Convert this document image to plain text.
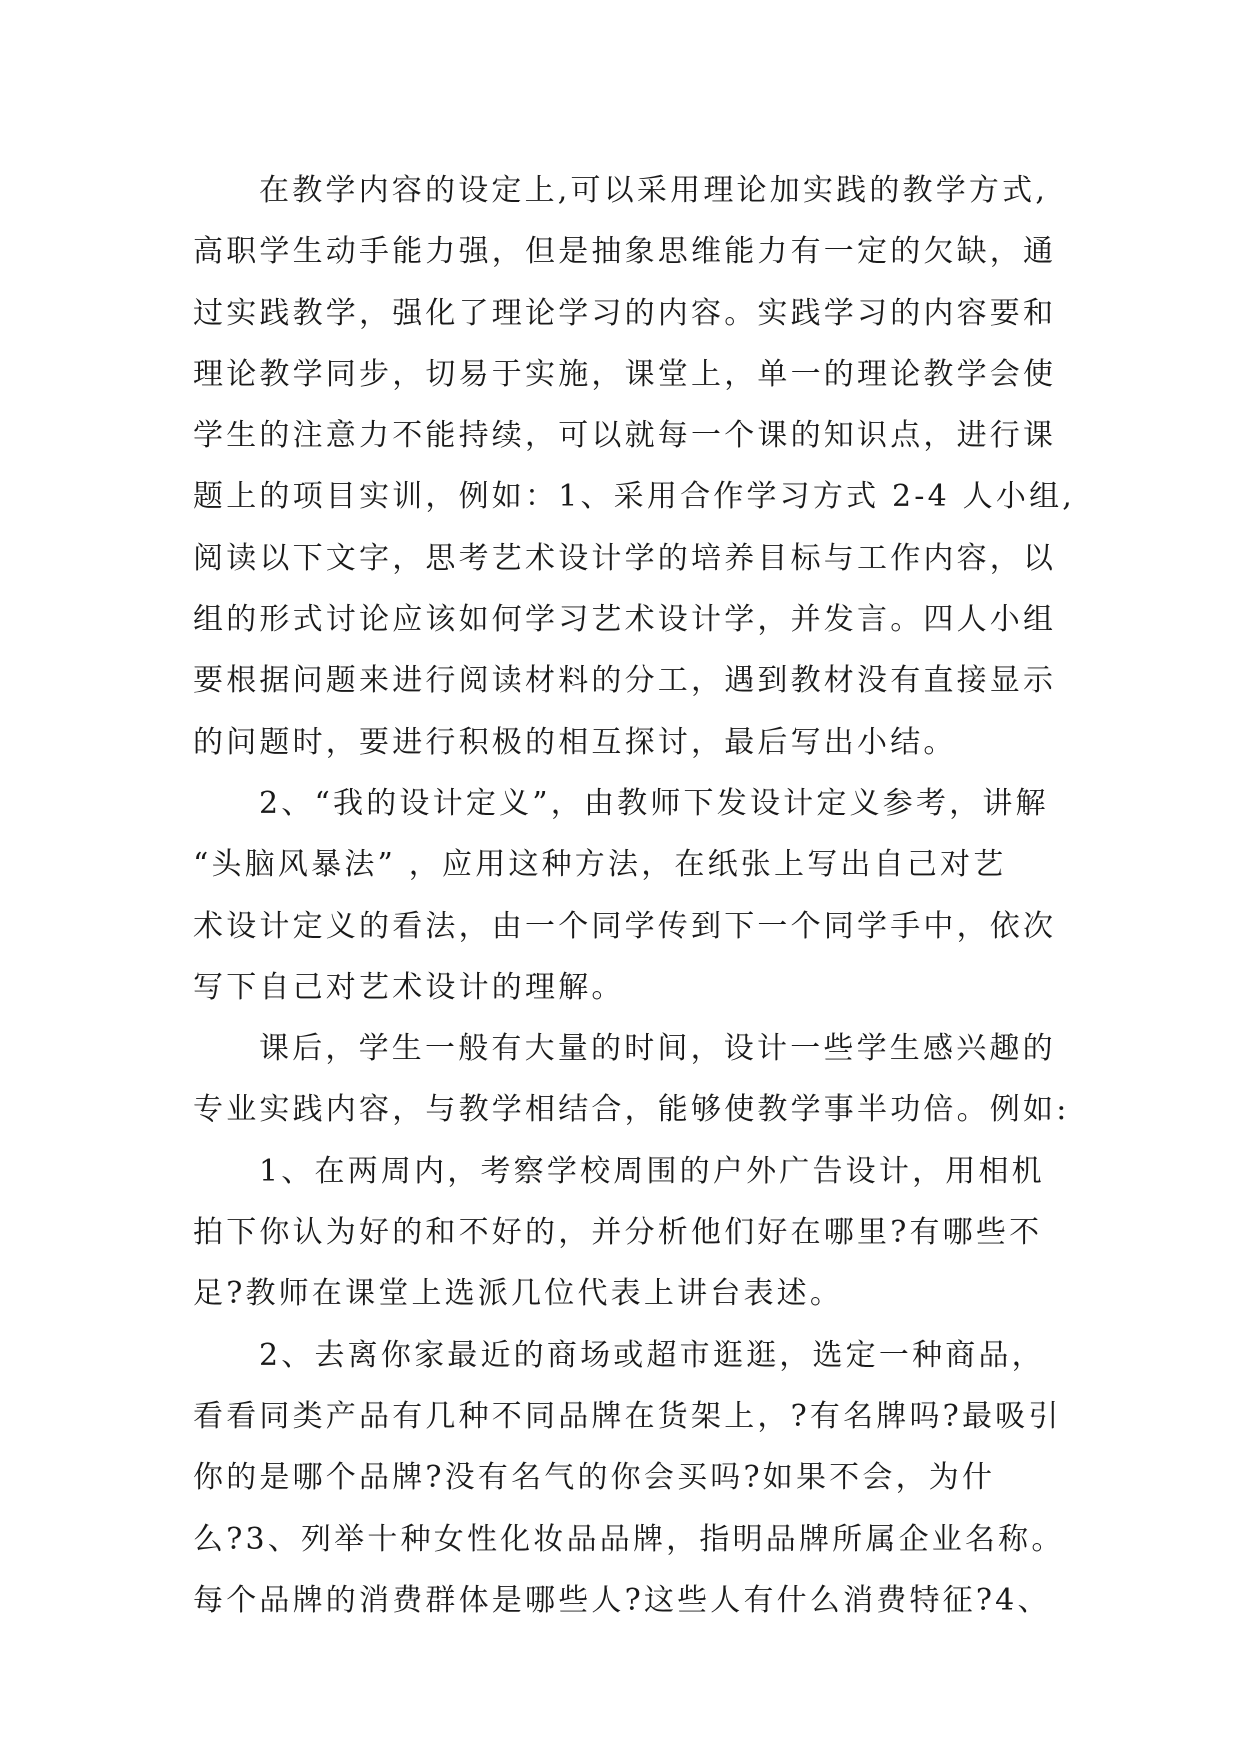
在教学内容的设定上,可以采用理论加实践的教学方式,
高职学生动手能力强，但是抽象思维能力有一定的欠缺，通
过实践教学，强化了理论学习的内容。实践学习的内容要和
理论教学同步，切易于实施，课堂上，单一的理论教学会使
学生的注意力不能持续，可以就每一个课的知识点，进行课
题上的项目实训，例如：1、采用合作学习方式 2-4 人小组,
阅读以下文字，思考艺术设计学的培养目标与工作内容，以
组的形式讨论应该如何学习艺术设计学，并发言。四人小组
要根据问题来进行阅读材料的分工，遇到教材没有直接显示
的问题时，要进行积极的相互探讨，最后写出小结。
2、“我的设计定义”，由教师下发设计定义参考，讲解
“头脑风暴法” ，应用这种方法，在纸张上写出自己对艺
术设计定义的看法，由一个同学传到下一个同学手中，依次
写下自己对艺术设计的理解。
课后，学生一般有大量的时间，设计一些学生感兴趣的
专业实践内容，与教学相结合，能够使教学事半功倍。例如:
1、在两周内，考察学校周围的户外广告设计，用相机
拍下你认为好的和不好的，并分析他们好在哪里?有哪些不
足?教师在课堂上选派几位代表上讲台表述。
2、去离你家最近的商场或超市逛逛，选定一种商品，
看看同类产品有几种不同品牌在货架上，?有名牌吗?最吸引
你的是哪个品牌?没有名气的你会买吗?如果不会，为什
么?3、列举十种女性化妆品品牌，指明品牌所属企业名称。
每个品牌的消费群体是哪些人?这些人有什么消费特征?4、
